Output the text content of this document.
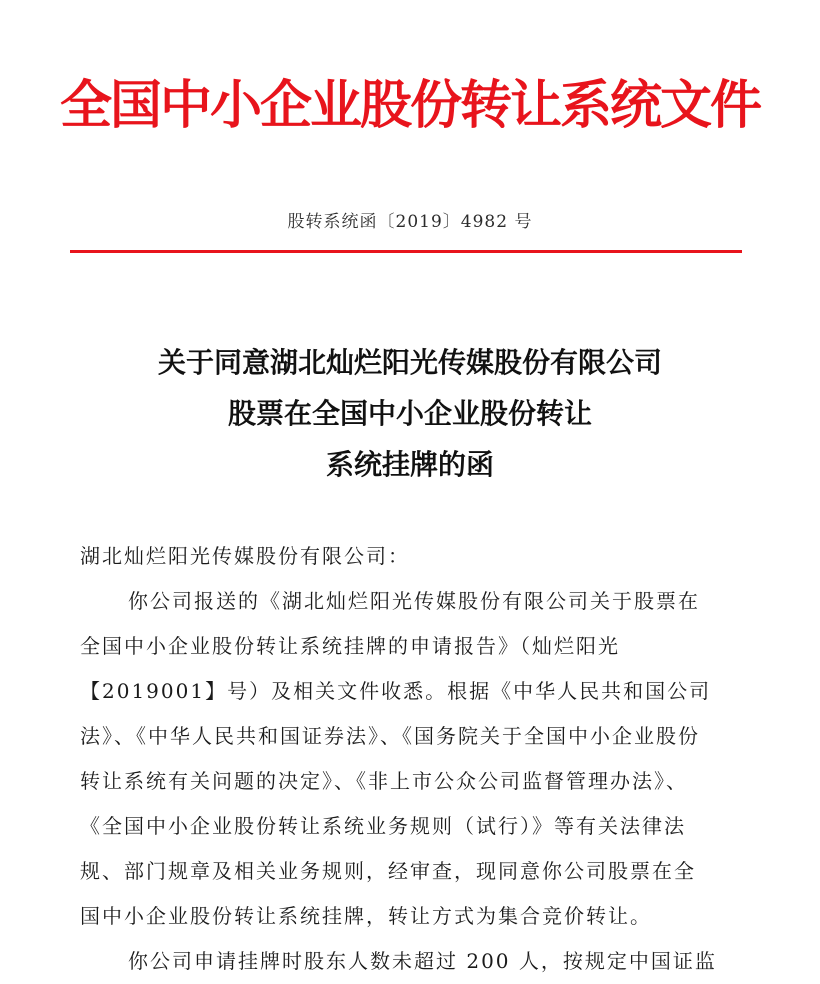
全国中小企业股份转让系统文件
股转系统函〔2019〕4982 号
关于同意湖北灿烂阳光传媒股份有限公司
股票在全国中小企业股份转让
系统挂牌的函
湖北灿烂阳光传媒股份有限公司：
你公司报送的《湖北灿烂阳光传媒股份有限公司关于股票在
全国中小企业股份转让系统挂牌的申请报告》（灿烂阳光
【2019001】号）及相关文件收悉。根据《中华人民共和国公司
法》、《中华人民共和国证券法》、《国务院关于全国中小企业股份
转让系统有关问题的决定》、《非上市公众公司监督管理办法》、
《全国中小企业股份转让系统业务规则（试行）》等有关法律法
规、部门规章及相关业务规则，经审查，现同意你公司股票在全
国中小企业股份转让系统挂牌，转让方式为集合竞价转让。
你公司申请挂牌时股东人数未超过 200 人，按规定中国证监
